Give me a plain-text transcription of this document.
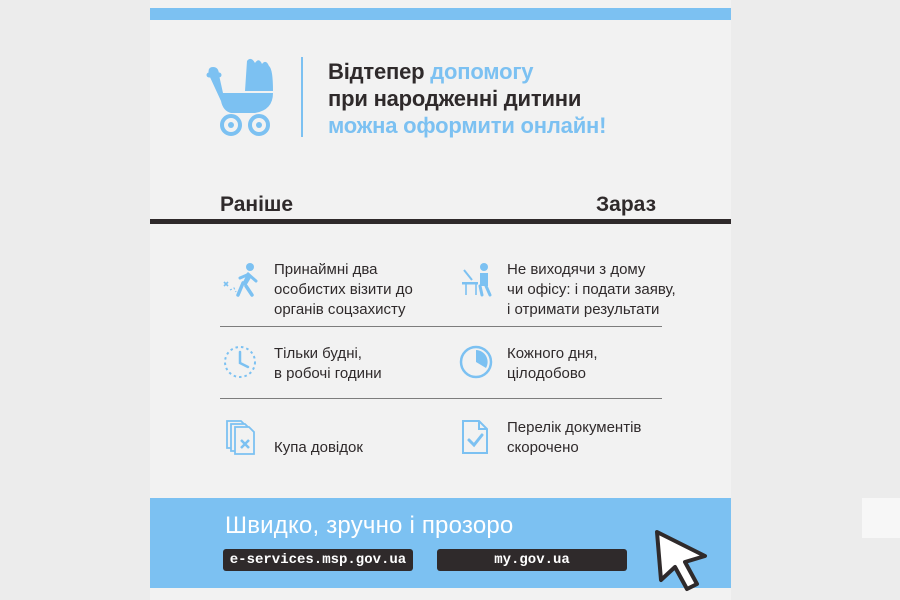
Відтепер допомогу
при народженні дитини
можна оформити онлайн!
Раніше	Зараз
Принаймні два
особистих візити до
органів соцзахисту
Не виходячи з дому
чи офісу: і подати заяву,
і отримати результати
Тільки будні,
в робочі години
Кожного дня,
цілодобово
Купа довідок
Перелік документів
скорочено
Швидко, зручно і прозоро
e-services.msp.gov.ua	my.gov.ua
